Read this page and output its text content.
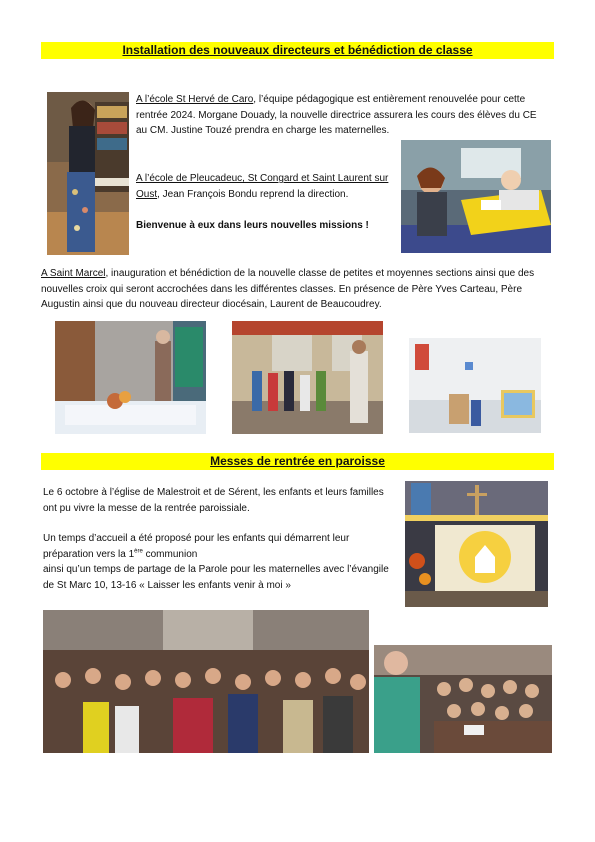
Installation des nouveaux directeurs et bénédiction de classe
A l’école St Hervé de Caro, l’équipe pédagogique est entièrement renouvelée pour cette rentrée 2024. Morgane Douady, la nouvelle directrice assurera les cours des élèves du CE au CM. Justine Touzé prendra en charge les maternelles.
A l’école de Pleucadeuc, St Congard et Saint Laurent sur Oust, Jean François Bondu reprend la direction.
Bienvenue à eux dans leurs nouvelles missions !
A Saint Marcel, inauguration et bénédiction de la nouvelle classe de petites et moyennes sections ainsi que des nouvelles croix qui seront accrochées dans les différentes classes. En présence de Père Yves Carteau, Père Augustin ainsi que du nouveau directeur diocésain, Laurent de Beaucoudrey.
Messes de rentrée en paroisse
Le 6 octobre à l’église de Malestroit et de Sérent, les enfants et leurs familles ont pu vivre la messe de la rentrée paroissiale.
Un temps d’accueil a été proposé pour les enfants qui démarrent leur préparation vers la 1ère communion
ainsi qu’un temps de partage de la Parole pour les maternelles avec l’évangile de St Marc 10, 13-16 « Laisser les enfants venir à moi »
